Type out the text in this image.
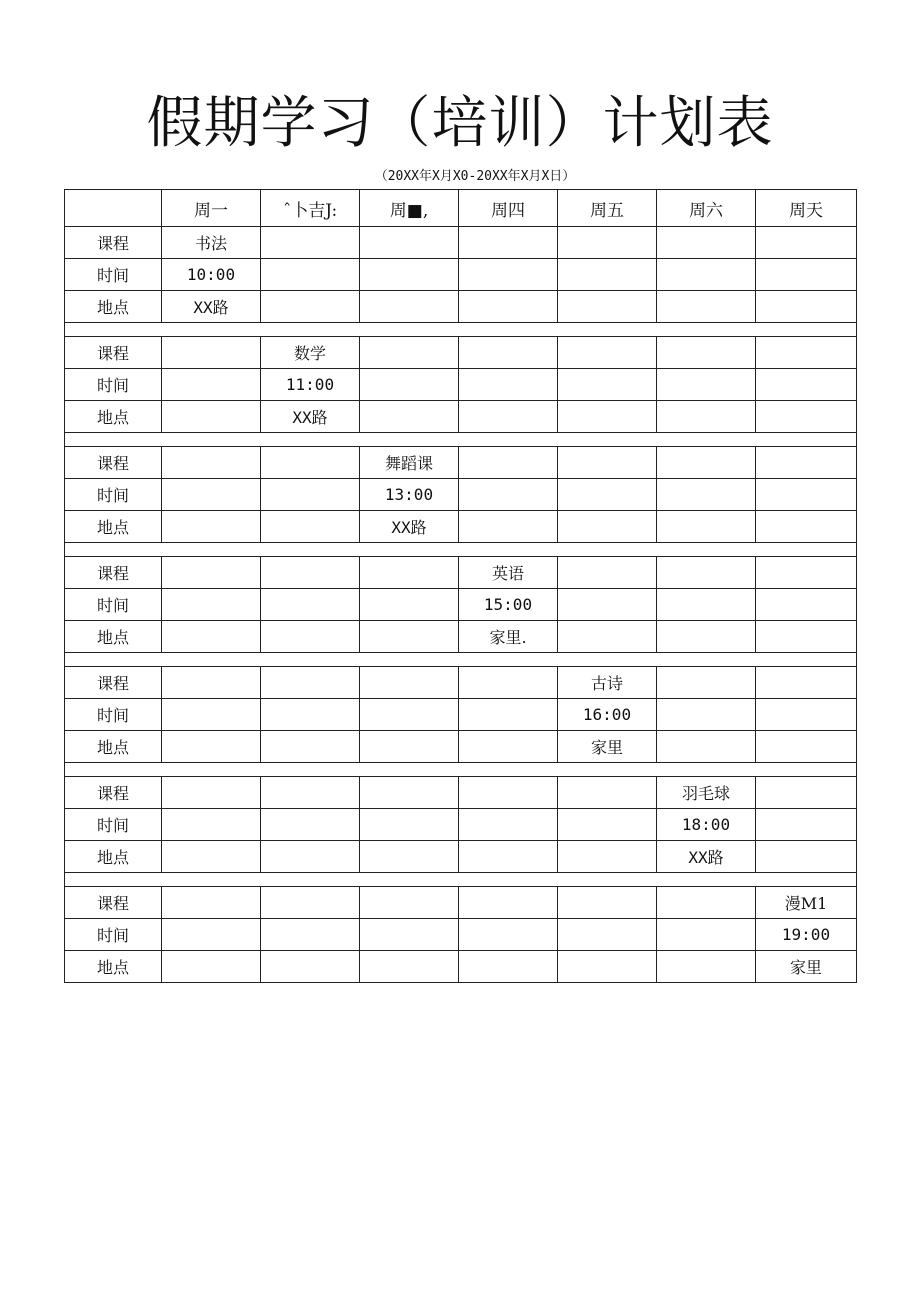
假期学习（培训）计划表
（20XX年X月X0-20XX年X月X日）
	周一	ˆ卜吉J:	周■,	周四	周五	周六	周天
课程	书法						
时间	10:00						
地点	XX路						

课程		数学					
时间		11:00					
地点		XX路					

课程			舞蹈课				
时间			13:00				
地点			XX路				

课程				英语			
时间				15:00			
地点				家里.			

课程					古诗		
时间					16:00		
地点					家里		

课程						羽毛球	
时间						18:00	
地点						XX路	

课程							漫M1
时间							19:00
地点							家里
